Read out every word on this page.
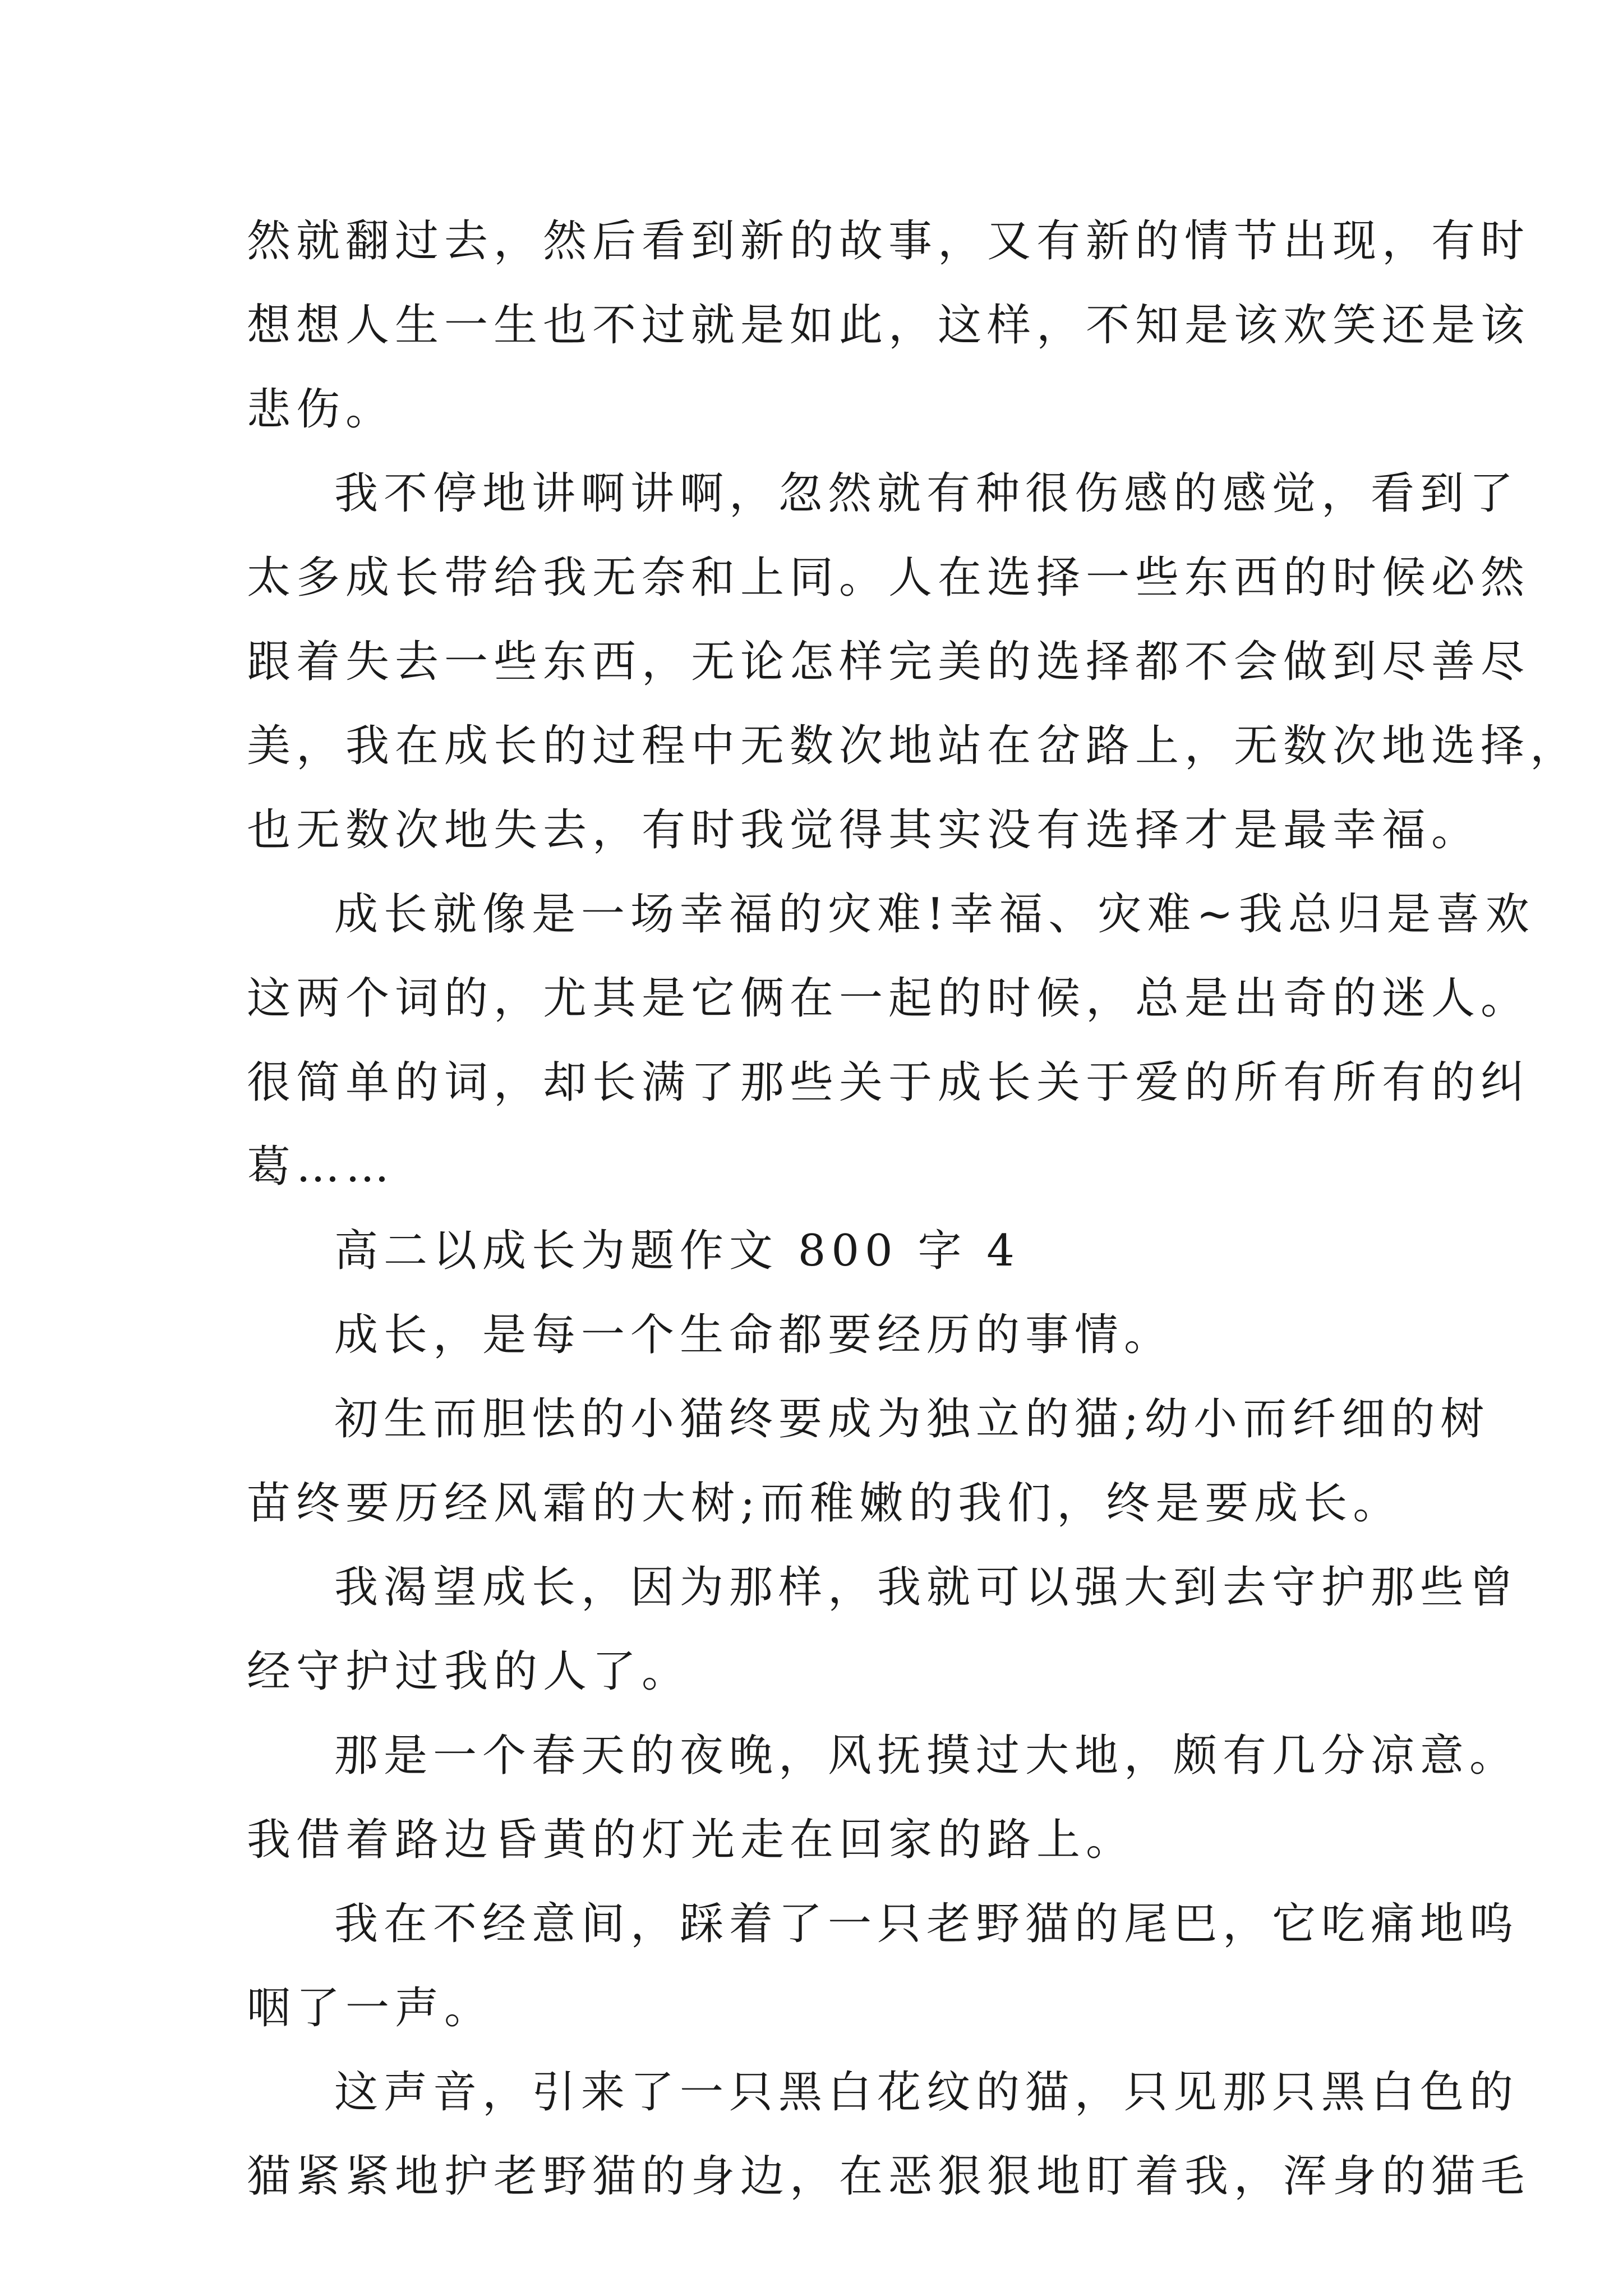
然就翻过去，然后看到新的故事，又有新的情节出现，有时
想想人生一生也不过就是如此，这样，不知是该欢笑还是该
悲伤。
我不停地讲啊讲啊，忽然就有种很伤感的感觉，看到了
太多成长带给我无奈和上同。人在选择一些东西的时候必然
跟着失去一些东西，无论怎样完美的选择都不会做到尽善尽
美，我在成长的过程中无数次地站在岔路上，无数次地选择，
也无数次地失去，有时我觉得其实没有选择才是最幸福。
成长就像是一场幸福的灾难!幸福、灾难~我总归是喜欢
这两个词的，尤其是它俩在一起的时候，总是出奇的迷人。
很简单的词，却长满了那些关于成长关于爱的所有所有的纠
葛……
高二以成长为题作文 800 字 4
成长，是每一个生命都要经历的事情。
初生而胆怯的小猫终要成为独立的猫;幼小而纤细的树
苗终要历经风霜的大树;而稚嫩的我们，终是要成长。
我渴望成长，因为那样，我就可以强大到去守护那些曾
经守护过我的人了。
那是一个春天的夜晚，风抚摸过大地，颇有几分凉意。
我借着路边昏黄的灯光走在回家的路上。
我在不经意间，踩着了一只老野猫的尾巴，它吃痛地呜
咽了一声。
这声音，引来了一只黑白花纹的猫，只见那只黑白色的
猫紧紧地护老野猫的身边，在恶狠狠地盯着我，浑身的猫毛
